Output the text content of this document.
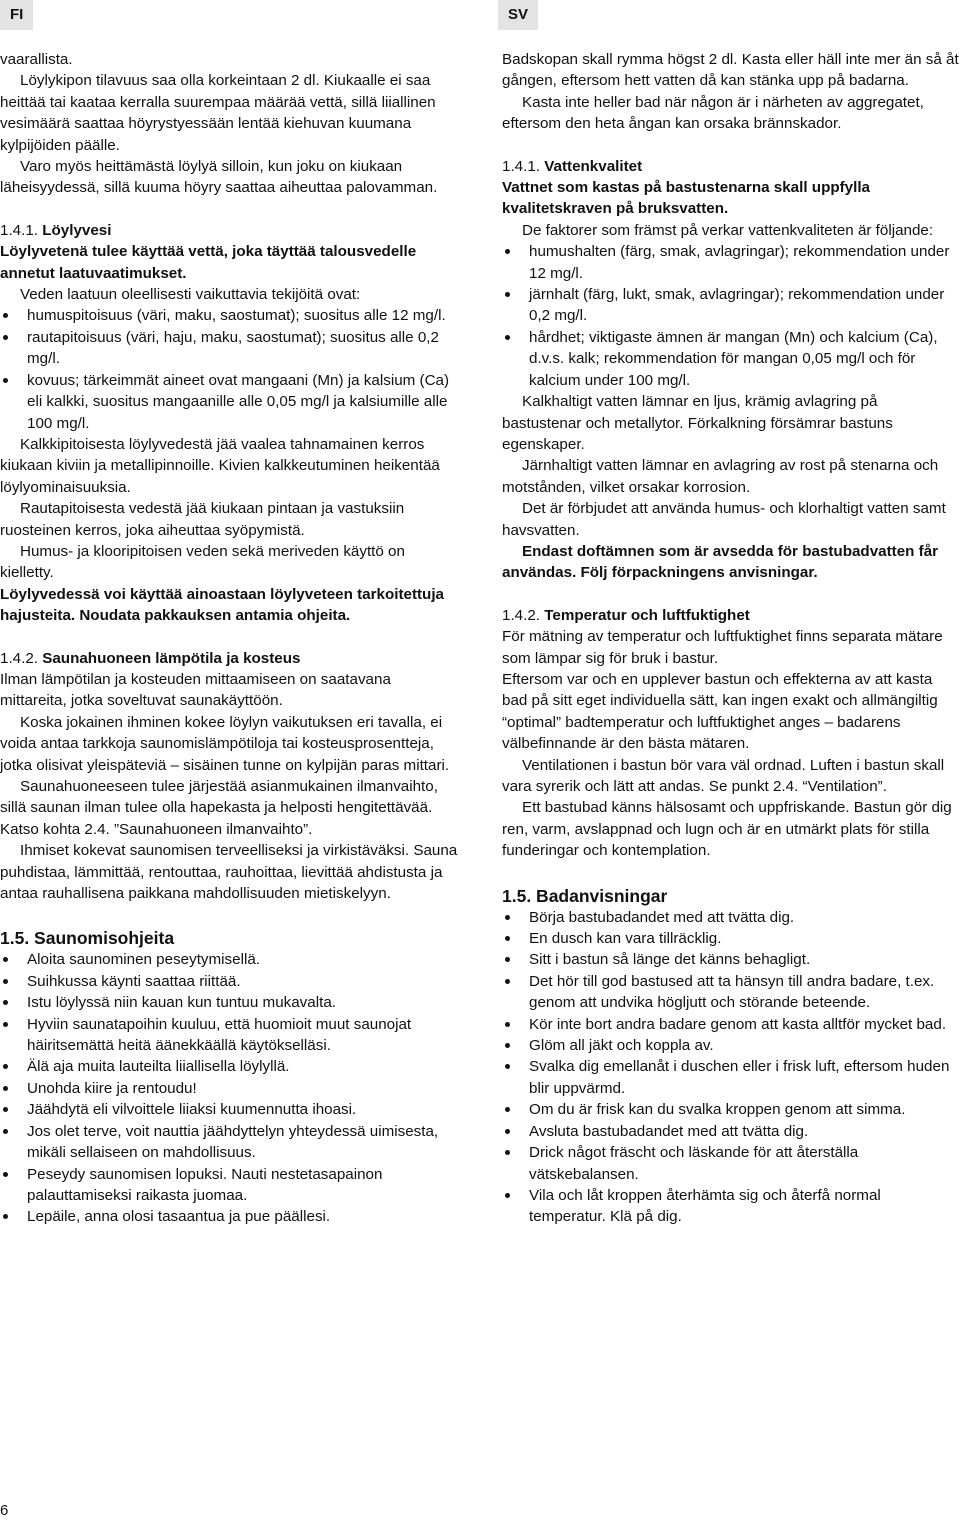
FI	SV

vaarallista.

Löylykipon tilavuus saa olla korkeintaan 2 dl. Kiukaalle ei saa heittää tai kaataa kerralla suurempaa määrää vettä, sillä liiallinen vesimäärä saattaa höyrystyessään lentää kiehuvan kuumana kylpijöiden päälle.

Varo myös heittämästä löylyä silloin, kun joku on kiukaan läheisyydessä, sillä kuuma höyry saattaa aiheuttaa palovamman.

1.4.1. Löylyvesi

Löylyvetenä tulee käyttää vettä, joka täyttää talousvedelle annetut laatuvaatimukset.

Veden laatuun oleellisesti vaikuttavia tekijöitä ovat:

humuspitoisuus (väri, maku, saostumat); suositus alle 12 mg/l.
rautapitoisuus (väri, haju, maku, saostumat); suositus alle 0,2 mg/l.
kovuus; tärkeimmät aineet ovat mangaani (Mn) ja kalsium (Ca) eli kalkki, suositus mangaanille alle 0,05 mg/l ja kalsiumille alle 100 mg/l.

Kalkkipitoisesta löylyvedestä jää vaalea tahnamainen kerros kiukaan kiviin ja metallipinnoille. Kivien kalkkeutuminen heikentää löylyominaisuuksia.

Rautapitoisesta vedestä jää kiukaan pintaan ja vastuksiin ruosteinen kerros, joka aiheuttaa syöpymistä.

Humus- ja klooripitoisen veden sekä meriveden käyttö on kielletty.

Löylyvedessä voi käyttää ainoastaan löylyveteen tarkoitettuja hajusteita. Noudata pakkauksen antamia ohjeita.

1.4.2. Saunahuoneen lämpötila ja kosteus

Ilman lämpötilan ja kosteuden mittaamiseen on saatavana mittareita, jotka soveltuvat saunakäyttöön.

Koska jokainen ihminen kokee löylyn vaikutuksen eri tavalla, ei voida antaa tarkkoja saunomislämpötiloja tai kosteusprosentteja, jotka olisivat yleispäteviä – sisäinen tunne on kylpijän paras mittari.

Saunahuoneeseen tulee järjestää asianmukainen ilmanvaihto, sillä saunan ilman tulee olla hapekasta ja helposti hengitettävää. Katso kohta 2.4. ”Saunahuoneen ilmanvaihto”.

Ihmiset kokevat saunomisen terveelliseksi ja virkistäväksi. Sauna puhdistaa, lämmittää, rentouttaa, rauhoittaa, lievittää ahdistusta ja antaa rauhallisena paikkana mahdollisuuden mietiskelyyn.

1.5. Saunomisohjeita

Aloita saunominen peseytymisellä.
Suihkussa käynti saattaa riittää.
Istu löylyssä niin kauan kun tuntuu mukavalta.
Hyviin saunatapoihin kuuluu, että huomioit muut saunojat häiritsemättä heitä äänekkäällä käytökselläsi.
Älä aja muita lauteilta liiallisella löylyllä.
Unohda kiire ja rentoudu!
Jäähdytä eli vilvoittele liiaksi kuumennutta ihoasi.
Jos olet terve, voit nauttia jäähdyttelyn yhteydessä uimisesta, mikäli sellaiseen on mahdollisuus.
Peseydy saunomisen lopuksi. Nauti nestetasapainon palauttamiseksi raikasta juomaa.
Lepäile, anna olosi tasaantua ja pue päällesi.

Badskopan skall rymma högst 2 dl. Kasta eller häll inte mer än så åt gången, eftersom hett vatten då kan stänka upp på badarna.

Kasta inte heller bad när någon är i närheten av aggregatet, eftersom den heta ångan kan orsaka brännskador.

1.4.1. Vattenkvalitet

Vattnet som kastas på bastustenarna skall uppfylla kvalitetskraven på bruksvatten.

De faktorer som främst på verkar vattenkvaliteten är följande:

humushalten (färg, smak, avlagringar); rekommendation under 12 mg/l.
järnhalt (färg, lukt, smak, avlagringar); rekommendation under 0,2 mg/l.
hårdhet; viktigaste ämnen är mangan (Mn) och kalcium (Ca), d.v.s. kalk; rekommendation för mangan 0,05 mg/l och för kalcium under 100 mg/l.

Kalkhaltigt vatten lämnar en ljus, krämig avlagring på bastustenar och metallytor. Förkalkning försämrar bastuns egenskaper.

Järnhaltigt vatten lämnar en avlagring av rost på stenarna och motstånden, vilket orsakar korrosion.

Det är förbjudet att använda humus- och klorhaltigt vatten samt havsvatten.

Endast doftämnen som är avsedda för bastubadvatten får användas. Följ förpackningens anvisningar.

1.4.2. Temperatur och luftfuktighet

För mätning av temperatur och luftfuktighet finns separata mätare som lämpar sig för bruk i bastur.

Eftersom var och en upplever bastun och effekterna av att kasta bad på sitt eget individuella sätt, kan ingen exakt och allmängiltig “optimal” badtemperatur och luftfuktighet anges – badarens välbefinnande är den bästa mätaren.

Ventilationen i bastun bör vara väl ordnad. Luften i bastun skall vara syrerik och lätt att andas. Se punkt 2.4. “Ventilation”.

Ett bastubad känns hälsosamt och uppfriskande. Bastun gör dig ren, varm, avslappnad och lugn och är en utmärkt plats för stilla funderingar och kontemplation.

1.5. Badanvisningar

Börja bastubadandet med att tvätta dig.
En dusch kan vara tillräcklig.
Sitt i bastun så länge det känns behagligt.
Det hör till god bastused att ta hänsyn till andra badare, t.ex. genom att undvika högljutt och störande beteende.
Kör inte bort andra badare genom att kasta alltför mycket bad.
Glöm all jäkt och koppla av.
Svalka dig emellanåt i duschen eller i frisk luft, eftersom huden blir uppvärmd.
Om du är frisk kan du svalka kroppen genom att simma.
Avsluta bastubadandet med att tvätta dig.
Drick något fräscht och läskande för att återställa vätskebalansen.
Vila och låt kroppen återhämta sig och återfå normal temperatur. Klä på dig.
6
